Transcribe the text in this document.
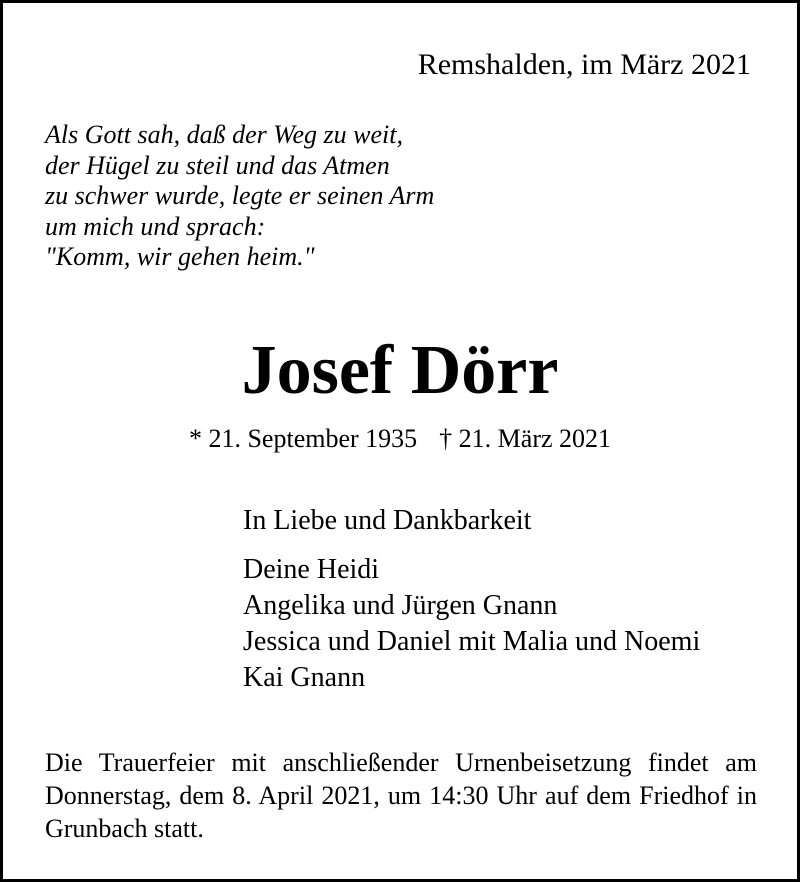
Remshalden, im März 2021
Als Gott sah, daß der Weg zu weit,
der Hügel zu steil und das Atmen
zu schwer wurde, legte er seinen Arm
um mich und sprach:
"Komm, wir gehen heim."
Josef Dörr
* 21. September 1935 † 21. März 2021
In Liebe und Dankbarkeit
Deine Heidi
Angelika und Jürgen Gnann
Jessica und Daniel mit Malia und Noemi
Kai Gnann
Die Trauerfeier mit anschließender Urnenbeisetzung findet am Donnerstag, dem 8. April 2021, um 14:30 Uhr auf dem Friedhof in Grunbach statt.
